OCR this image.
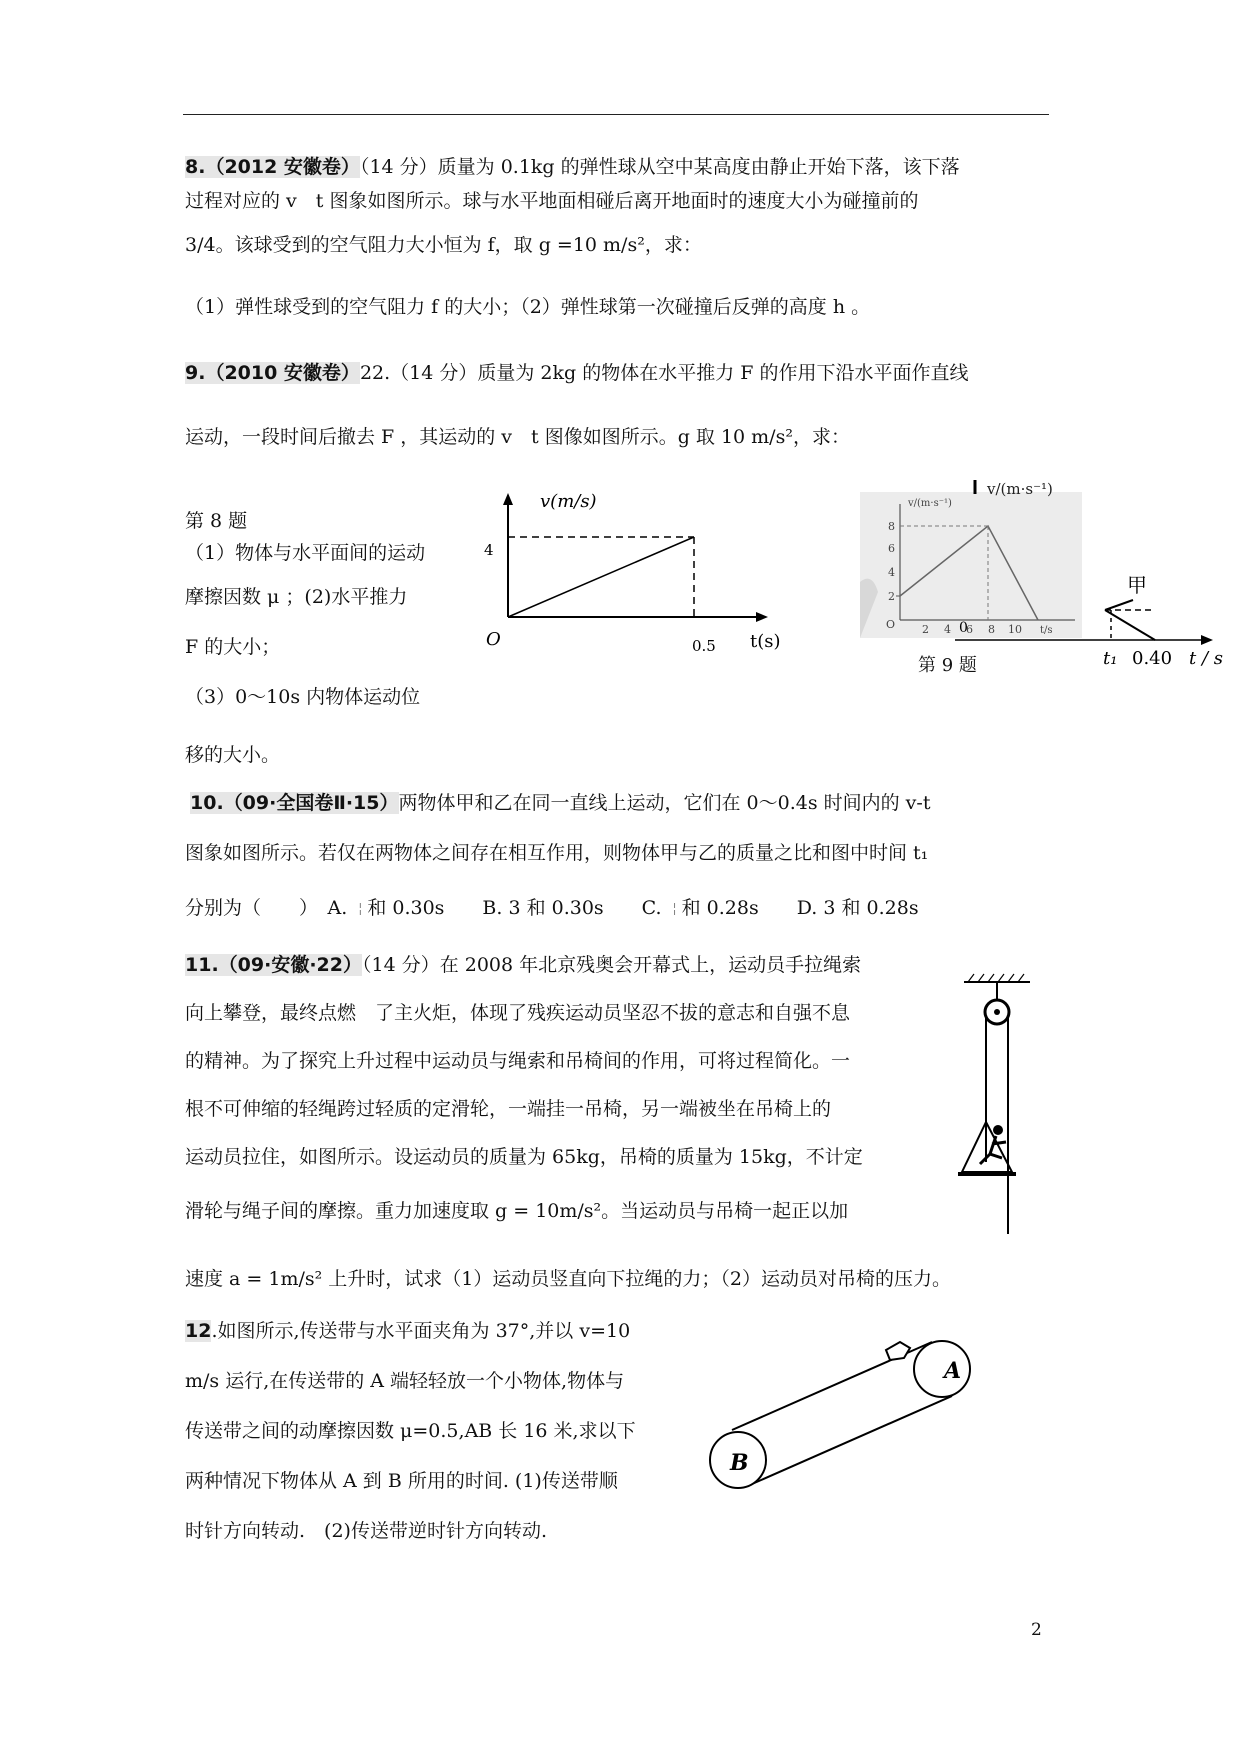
8.（2012 安徽卷）（14 分）质量为 0.1kg 的弹性球从空中某高度由静止开始下落，该下落
过程对应的 v　t 图象如图所示。球与水平地面相碰后离开地面时的速度大小为碰撞前的
3/4。该球受到的空气阻力大小恒为 f，取 g =10 m/s²，求：
（1）弹性球受到的空气阻力 f 的大小；（2）弹性球第一次碰撞后反弹的高度 h 。
9.（2010 安徽卷）22.（14 分）质量为 2kg 的物体在水平推力 F 的作用下沿水平面作直线
运动，一段时间后撤去 F ，其运动的 v　t 图像如图所示。g 取 10 m/s²，求：
第 8 题
（1）物体与水平面间的运动
摩擦因数 μ ；(2)水平推力
F 的大小；
（3）0～10s 内物体运动位
移的大小。
v(m/s)
4
O	0.5 t(s)
v/(m·s⁻¹)
2
4
6
8
O 2 4 6 8 10 t/s
第 9 题
v/(m·s⁻¹)
甲
0
t₁ 0.40 t / s
10.（09·全国卷Ⅱ·15）两物体甲和乙在同一直线上运动，它们在 0～0.4s 时间内的 v-t
图象如图所示。若仅在两物体之间存在相互作用，则物体甲与乙的质量之比和图中时间 t₁
分别为（　　）　A. ╎ 和 0.30s　　B. 3 和 0.30s　　C. ╎ 和 0.28s　　D. 3 和 0.28s
11.（09·安徽·22）（14 分）在 2008 年北京残奥会开幕式上，运动员手拉绳索
向上攀登，最终点燃　了主火炬，体现了残疾运动员坚忍不拔的意志和自强不息
的精神。为了探究上升过程中运动员与绳索和吊椅间的作用，可将过程简化。一
根不可伸缩的轻绳跨过轻质的定滑轮，一端挂一吊椅，另一端被坐在吊椅上的
运动员拉住，如图所示。设运动员的质量为 65kg，吊椅的质量为 15kg，不计定
滑轮与绳子间的摩擦。重力加速度取 g = 10m/s²。当运动员与吊椅一起正以加
速度 a = 1m/s² 上升时，试求（1）运动员竖直向下拉绳的力；（2）运动员对吊椅的压力。
12.如图所示,传送带与水平面夹角为 37°,并以 v=10
m/s 运行,在传送带的 A 端轻轻放一个小物体,物体与
传送带之间的动摩擦因数 μ=0.5,AB 长 16 米,求以下
两种情况下物体从 A 到 B 所用的时间. (1)传送带顺
时针方向转动.　(2)传送带逆时针方向转动.
A
B
2
